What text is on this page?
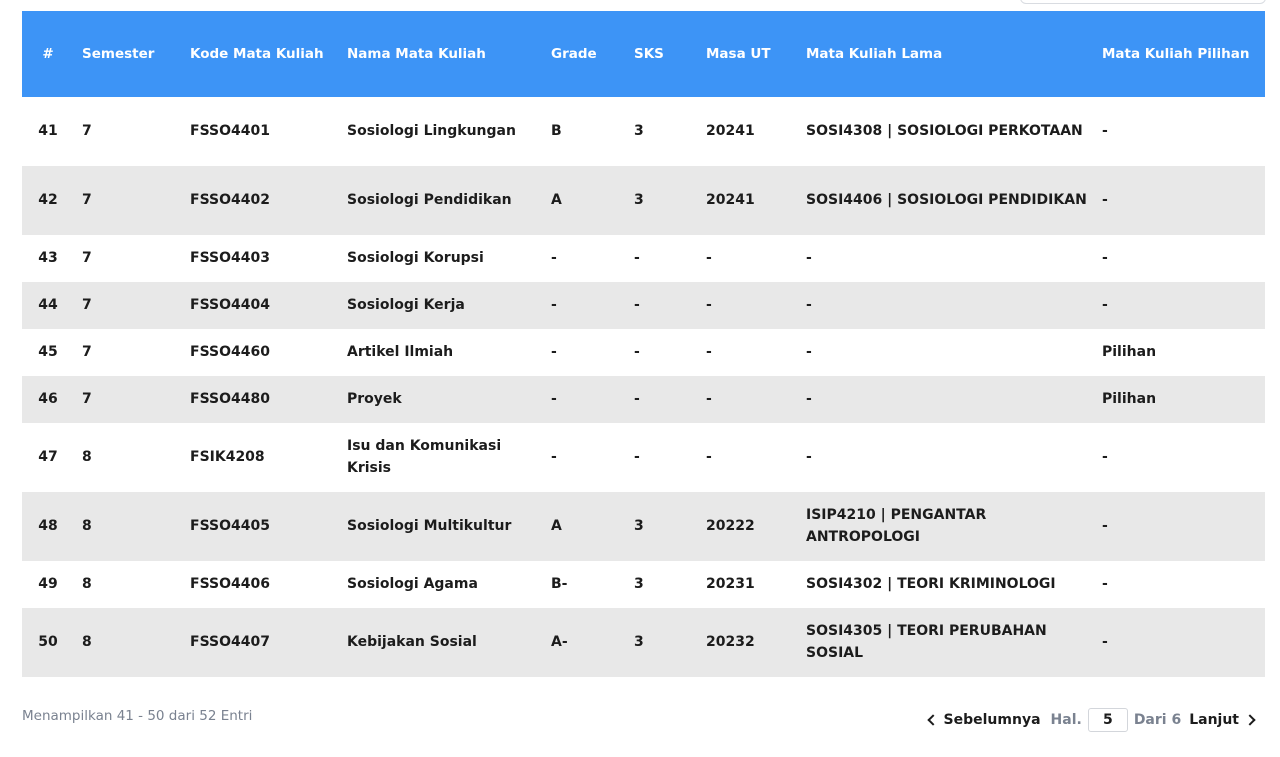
#	Semester	Kode Mata Kuliah	Nama Mata Kuliah	Grade	SKS	Masa UT	Mata Kuliah Lama	Mata Kuliah Pilihan
41	7	FSSO4401	Sosiologi Lingkungan	B	3	20241	SOSI4308 | SOSIOLOGI PERKOTAAN	-
42	7	FSSO4402	Sosiologi Pendidikan	A	3	20241	SOSI4406 | SOSIOLOGI PENDIDIKAN	-
43	7	FSSO4403	Sosiologi Korupsi	-	-	-	-	-
44	7	FSSO4404	Sosiologi Kerja	-	-	-	-	-
45	7	FSSO4460	Artikel Ilmiah	-	-	-	-	Pilihan
46	7	FSSO4480	Proyek	-	-	-	-	Pilihan
47	8	FSIK4208	Isu dan Komunikasi Krisis	-	-	-	-	-
48	8	FSSO4405	Sosiologi Multikultur	A	3	20222	ISIP4210 | PENGANTAR ANTROPOLOGI	-
49	8	FSSO4406	Sosiologi Agama	B-	3	20231	SOSI4302 | TEORI KRIMINOLOGI	-
50	8	FSSO4407	Kebijakan Sosial	A-	3	20232	SOSI4305 | TEORI PERUBAHAN SOSIAL	-
Menampilkan 41 - 50 dari 52 Entri	Sebelumnya Hal.
5	Dari 6 Lanjut
